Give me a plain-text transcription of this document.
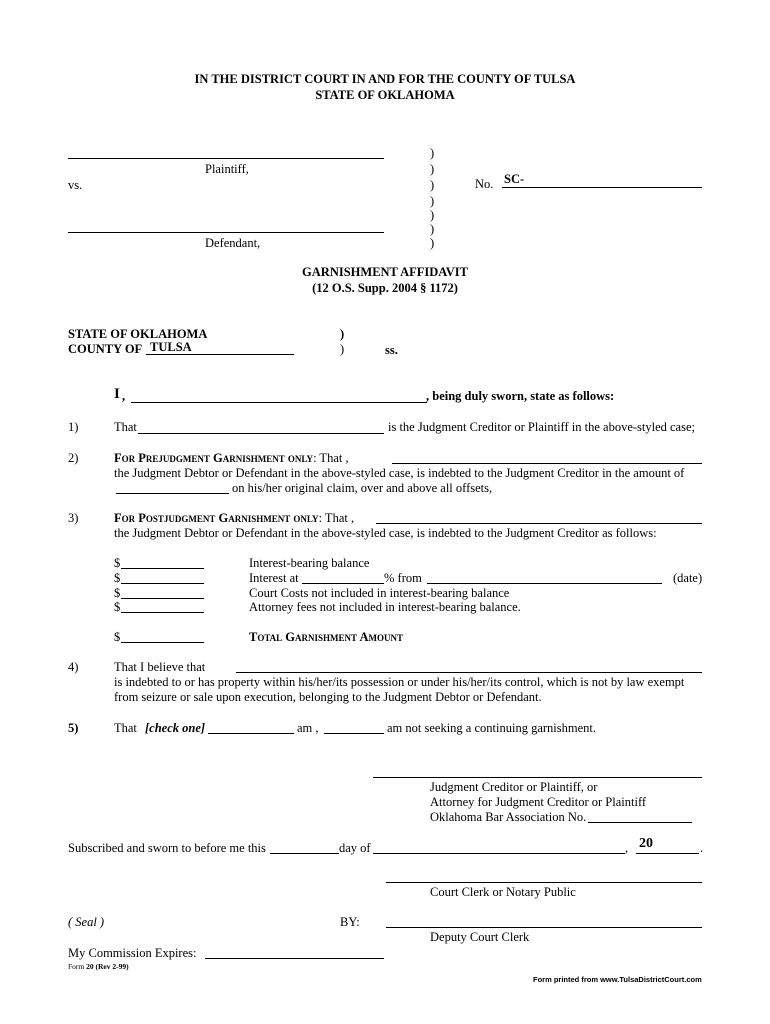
IN THE DISTRICT COURT IN AND FOR THE COUNTY OF TULSA
STATE OF OKLAHOMA
Plaintiff,
vs.
Defendant,
)
)
)
)
)
)
)
No. SC-
GARNISHMENT AFFIDAVIT
(12 O.S. Supp. 2004 § 1172)
STATE OF OKLAHOMA
COUNTY OF TULSA
)
)	ss.
I ,	, being duly sworn, state as follows:
1)	That	is the Judgment Creditor or Plaintiff in the above-styled case;
2)	For Prejudgment Garnishment only: That ,
the Judgment Debtor or Defendant in the above-styled case, is indebted to the Judgment Creditor in the amount of
on his/her original claim, over and above all offsets,
3)	For Postjudgment Garnishment only: That ,
the Judgment Debtor or Defendant in the above-styled case, is indebted to the Judgment Creditor as follows:
$	Interest-bearing balance
$	Interest at	% from	(date)
$	Court Costs not included in interest-bearing balance
$	Attorney fees not included in interest-bearing balance.
$	Total Garnishment Amount
4)	That I believe that
is indebted to or has property within his/her/its possession or under his/her/its control, which is not by law exempt
from seizure or sale upon execution, belonging to the Judgment Debtor or Defendant.
5)	That [check one]	am ,	am not seeking a continuing garnishment.
Judgment Creditor or Plaintiff, or
Attorney for Judgment Creditor or Plaintiff
Oklahoma Bar Association No.
Subscribed and sworn to before me this	day of	, 20	.
Court Clerk or Notary Public
( Seal )	BY:
Deputy Court Clerk
My Commission Expires:
Form 20 (Rev 2-99)
Form printed from www.TulsaDistrictCourt.com
